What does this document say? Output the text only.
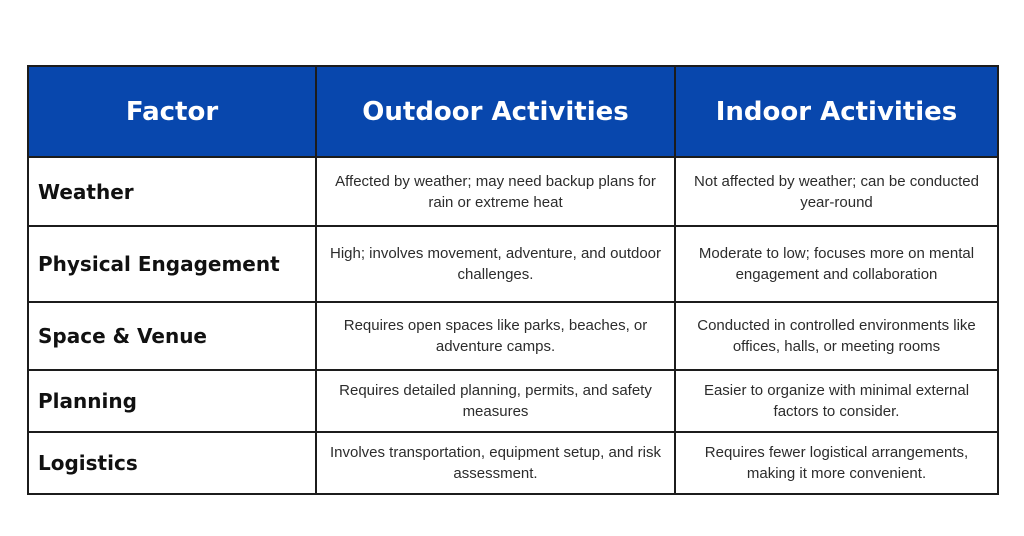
Factor	Outdoor Activities	Indoor Activities
Weather	Affected by weather; may need backup plans for rain or extreme heat	Not affected by weather; can be conducted year-round
Physical Engagement	High; involves movement, adventure, and outdoor challenges.	Moderate to low; focuses more on mental engagement and collaboration
Space & Venue	Requires open spaces like parks, beaches, or adventure camps.	Conducted in controlled environments like offices, halls, or meeting rooms
Planning	Requires detailed planning, permits, and safety measures	Easier to organize with minimal external factors to consider.
Logistics	Involves transportation, equipment setup, and risk assessment.	Requires fewer logistical arrangements, making it more convenient.
